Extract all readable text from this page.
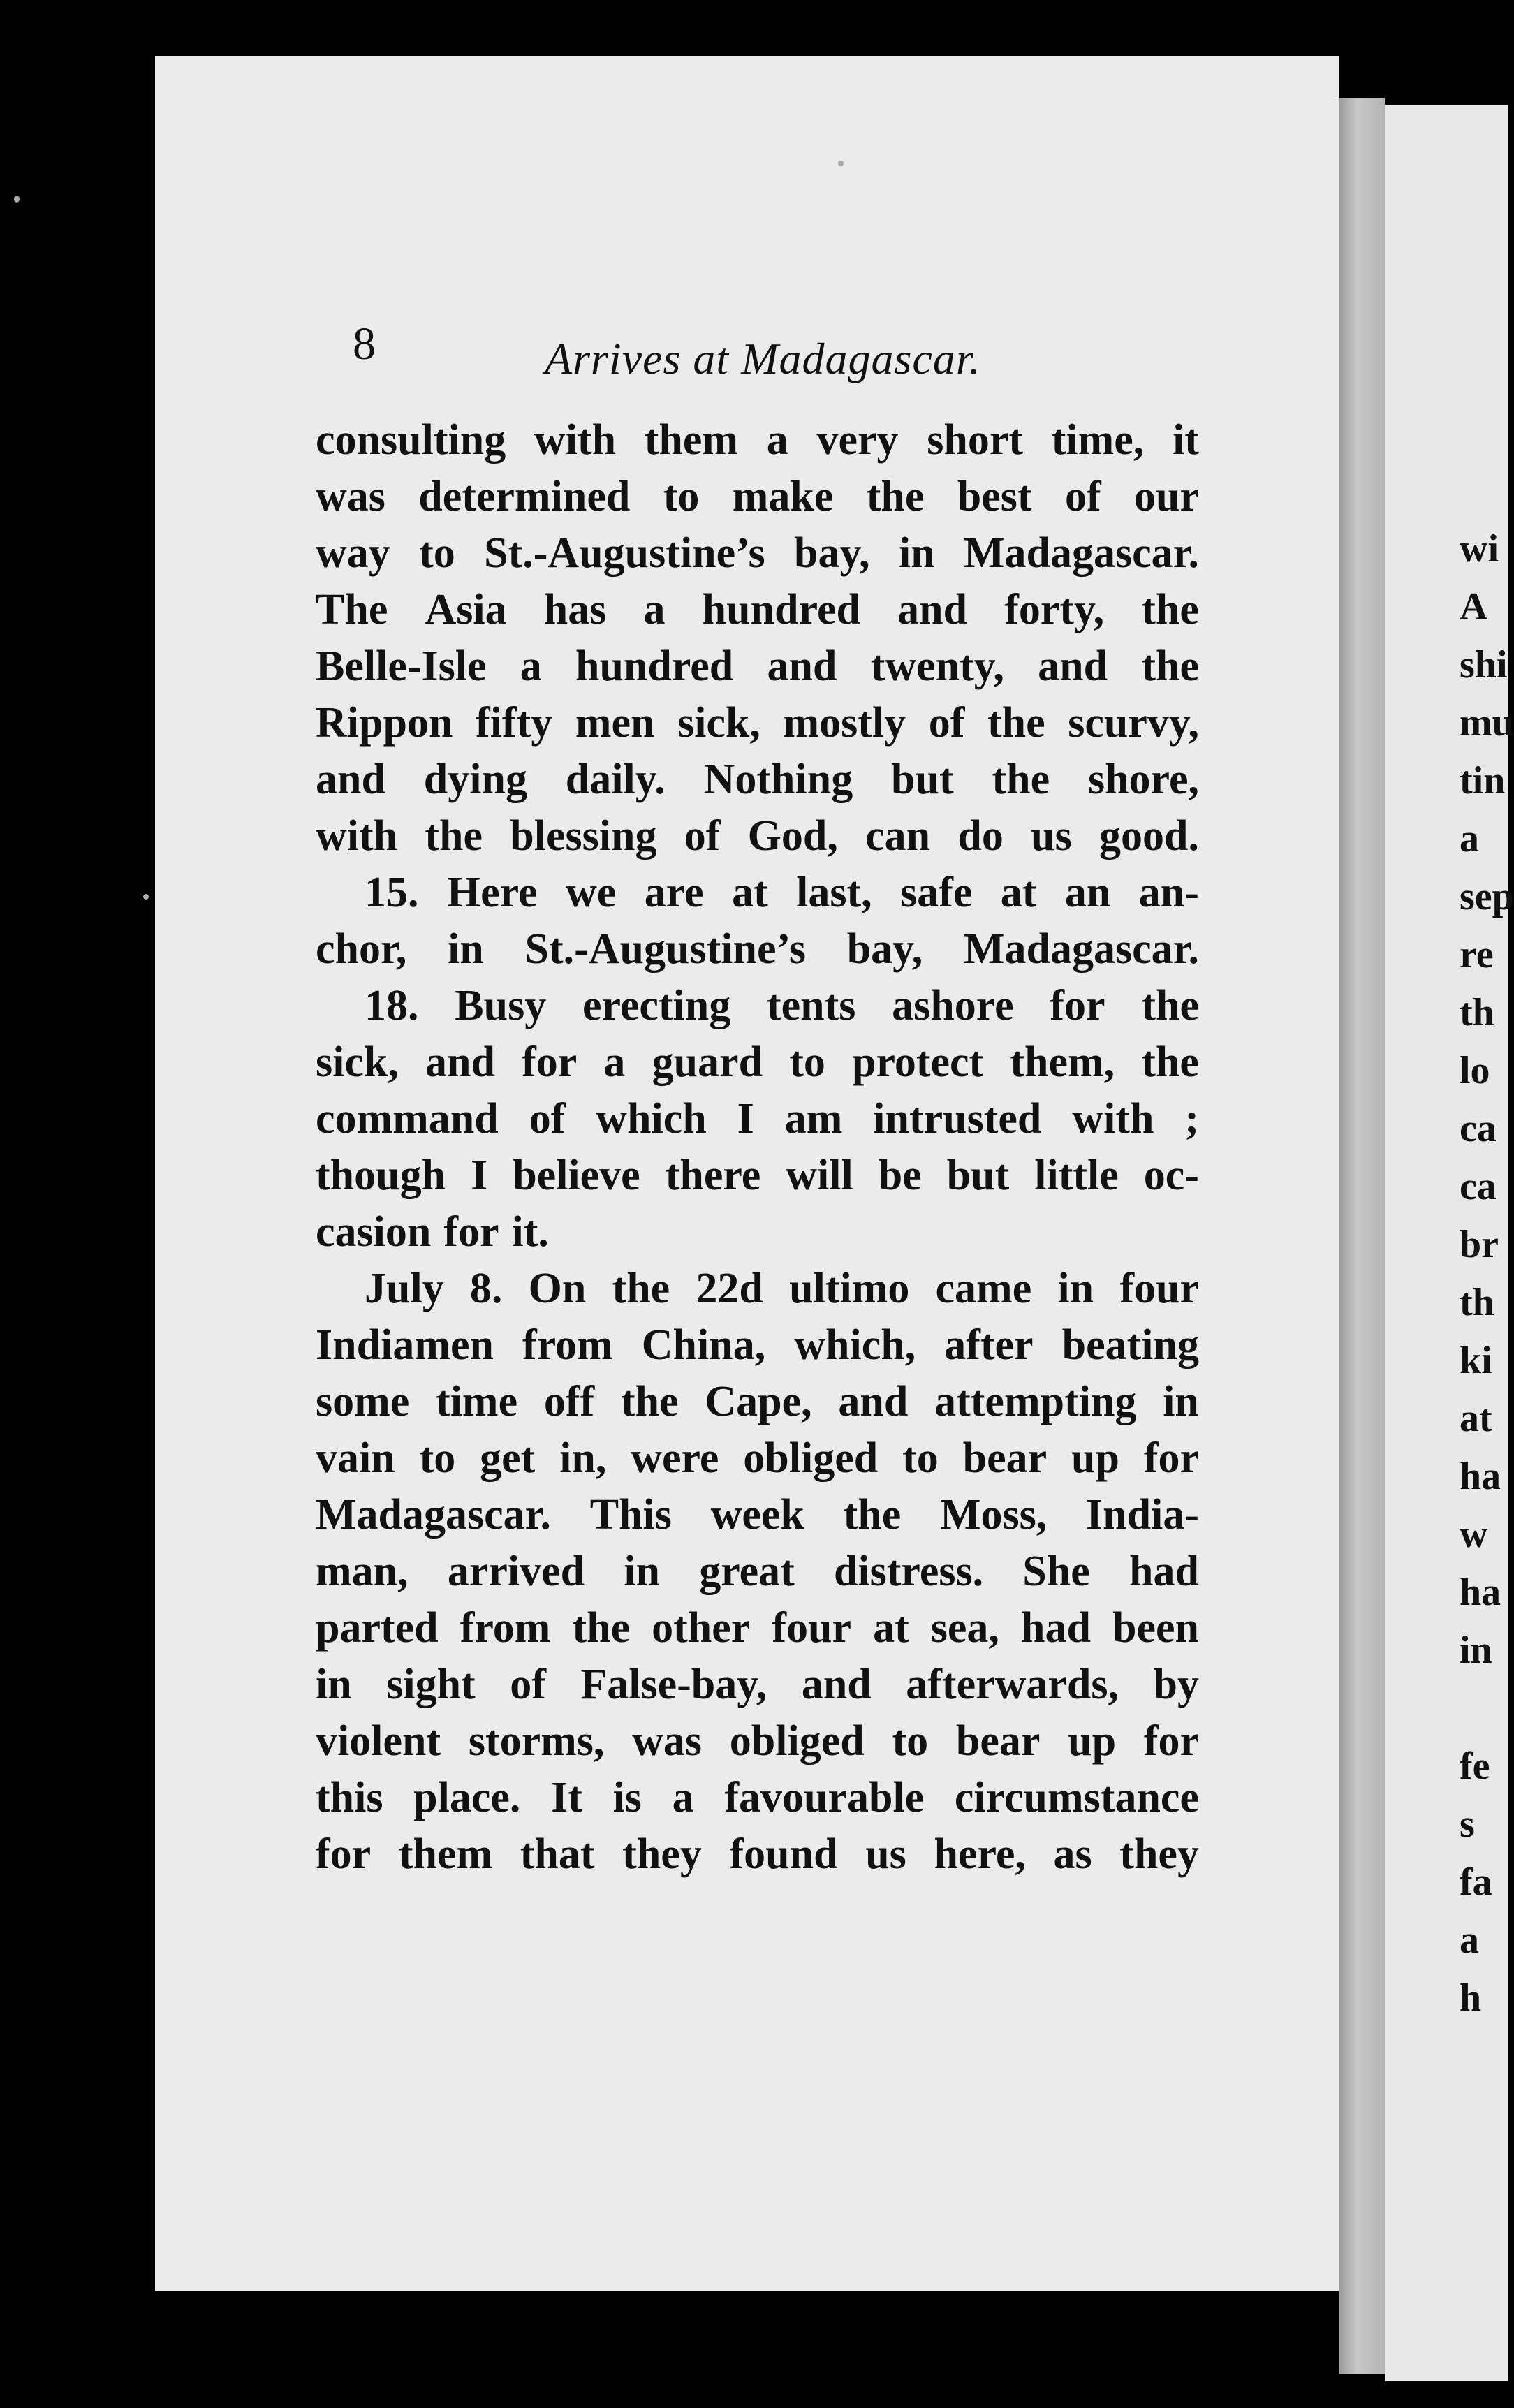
8	Arrives at Madagascar.
consulting with them a very short time, it
was determined to make the best of our
way to St.-Augustine’s bay, in Madagascar.
The Asia has a hundred and forty, the
Belle-Isle a hundred and twenty, and the
Rippon fifty men sick, mostly of the scurvy,
and dying daily. Nothing but the shore,
with the blessing of God, can do us good.
15. Here we are at last, safe at an an-
chor, in St.-Augustine’s bay, Madagascar.
18. Busy erecting tents ashore for the
sick, and for a guard to protect them, the
command of which I am intrusted with ;
though I believe there will be but little oc-
casion for it.
July 8. On the 22d ultimo came in four
Indiamen from China, which, after beating
some time off the Cape, and attempting in
vain to get in, were obliged to bear up for
Madagascar. This week the Moss, India-
man, arrived in great distress. She had
parted from the other four at sea, had been
in sight of False-bay, and afterwards, by
violent storms, was obliged to bear up for
this place. It is a favourable circumstance
for them that they found us here, as they
wi
A
shi
mu
tin
a
sep
re
th
lo
ca
ca
br
th
ki
at
ha
w
ha
in
fe
s
fa
a
h
